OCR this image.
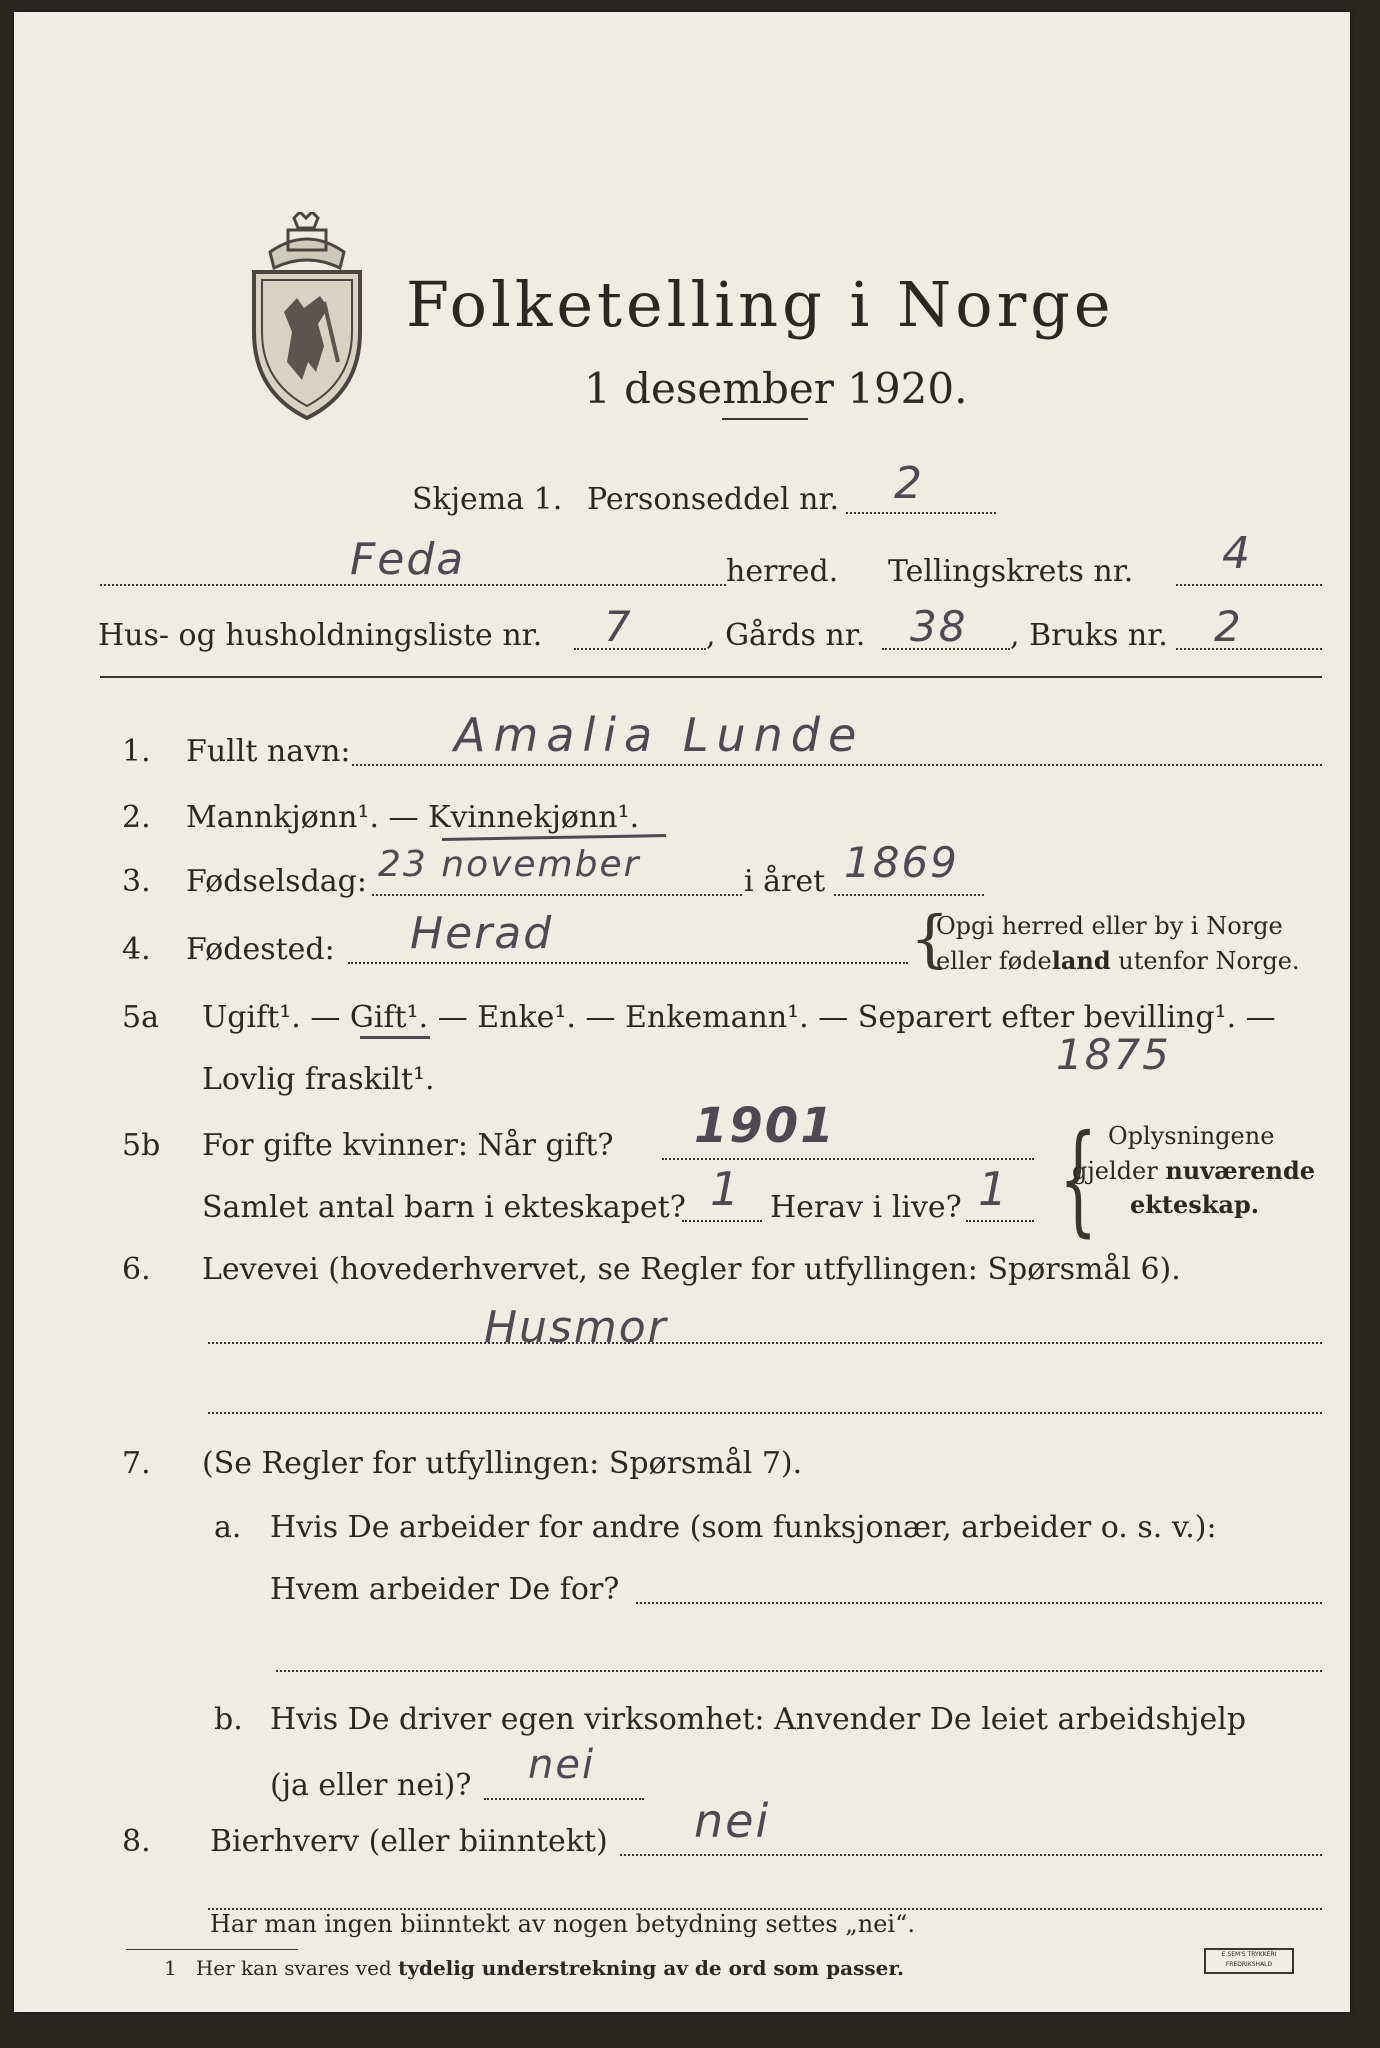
Folketelling i Norge
1 desember 1920.
Skjema 1. Personseddel nr. 2
Feda	herred. Tellingskrets nr. 4
Hus- og husholdningsliste nr. 7 , Gårds nr. 38 , Bruks nr. 2
1. Fullt navn: Amalia Lunde
2. Mannkjønn¹. — Kvinnekjønn¹.
3. Fødselsdag: 23 november	i året 1869
4. Fødested: Herad	{
Opgi herred eller by i Norge
eller fødeland utenfor Norge.
5a Ugift¹. — Gift¹. — Enke¹. — Enkemann¹. — Separert efter bevilling¹. —
Lovlig fraskilt¹.
1875
5b For gifte kvinner: Når gift? 1901
Samlet antal barn i ekteskapet? 1 Herav i live? 1 { Oplysningene
gjelder nuværende
ekteskap.
6. Levevei (hovederhvervet, se Regler for utfyllingen: Spørsmål 6).
Husmor
7. (Se Regler for utfyllingen: Spørsmål 7).
a. Hvis De arbeider for andre (som funksjonær, arbeider o. s. v.):
Hvem arbeider De for?
b. Hvis De driver egen virksomhet: Anvender De leiet arbeidshjelp
(ja eller nei)? nei
8. Bierhverv (eller biinntekt) nei
Har man ingen biinntekt av nogen betydning settes „nei“.
1 Her kan svares ved tydelig understrekning av de ord som passer.
E.SEM'S TRYKKERI
FREDRIKSHALD
